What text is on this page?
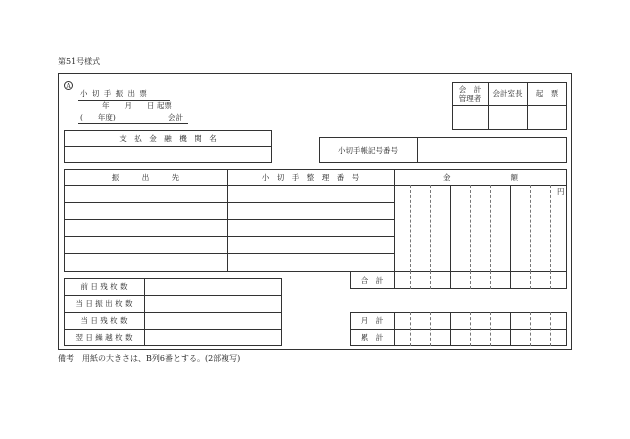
第51号様式
A
小 切 手 振 出 票
年　　月　　日 起票
(　　年度)	会計
会　計
管理者	会計室長	起　票
支　払　金　融　機　関　名
小切手帳記号番号
振　　　出　　　先	小　切　手　整　理　番　号	金　　　　　　　　額
円
合　計
前 日 残 枚 数
当 日 振 出 枚 数
当 日 残 枚 数
翌 日 繰 越 枚 数
月　計
累　計
備考　用紙の大きさは、B列6番とする。(2部複写)
